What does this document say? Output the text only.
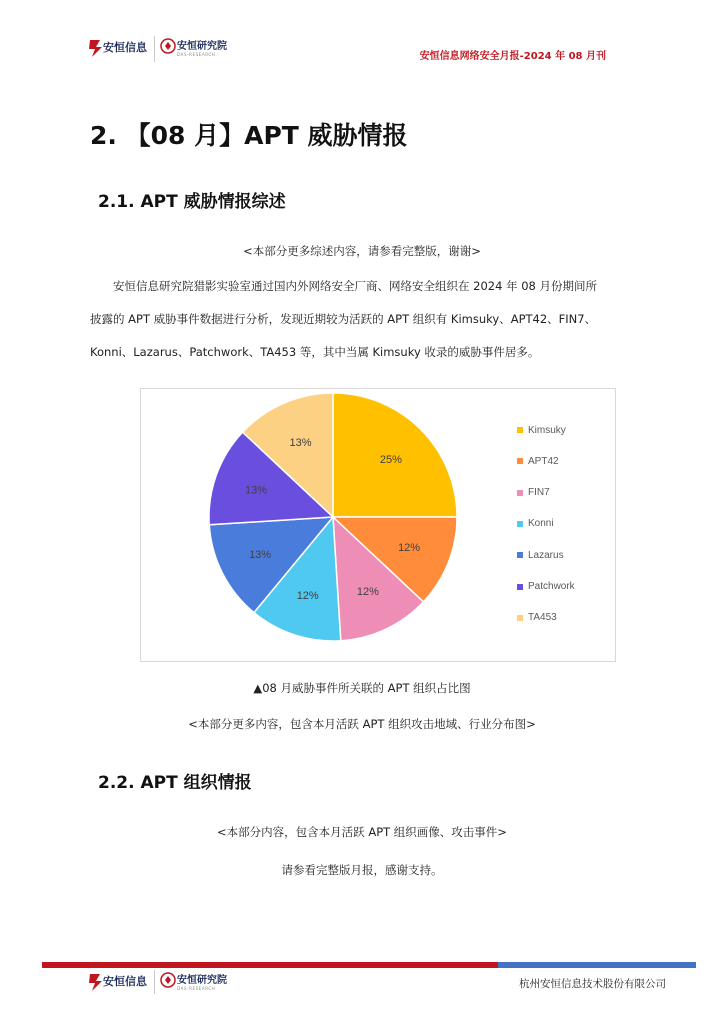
安恒信息	安恒研究院
DAS-RESEARCH	安恒信息网络安全月报-2024 年 08 月刊
2. 【08 月】APT 威胁情报
2.1. APT 威胁情报综述
<本部分更多综述内容，请参看完整版，谢谢>

安恒信息研究院猎影实验室通过国内外网络安全厂商、网络安全组织在 2024 年 08 月份期间所

披露的 APT 威胁事件数据进行分析，发现近期较为活跃的 APT 组织有 Kimsuky、APT42、FIN7、

Konni、Lazarus、Patchwork、TA453 等，其中当属 Kimsuky 收录的威胁事件居多。

25%
12%
12%
12%
13%
13%
13%
Kimsuky
APT42
FIN7
Konni
Lazarus
Patchwork
TA453
▲08 月威胁事件所关联的 APT 组织占比图
<本部分更多内容，包含本月活跃 APT 组织攻击地域、行业分布图>
2.2. APT 组织情报
<本部分内容，包含本月活跃 APT 组织画像、攻击事件>
请参看完整版月报，感谢支持。
安恒信息	安恒研究院
DAS-RESEARCH	杭州安恒信息技术股份有限公司
